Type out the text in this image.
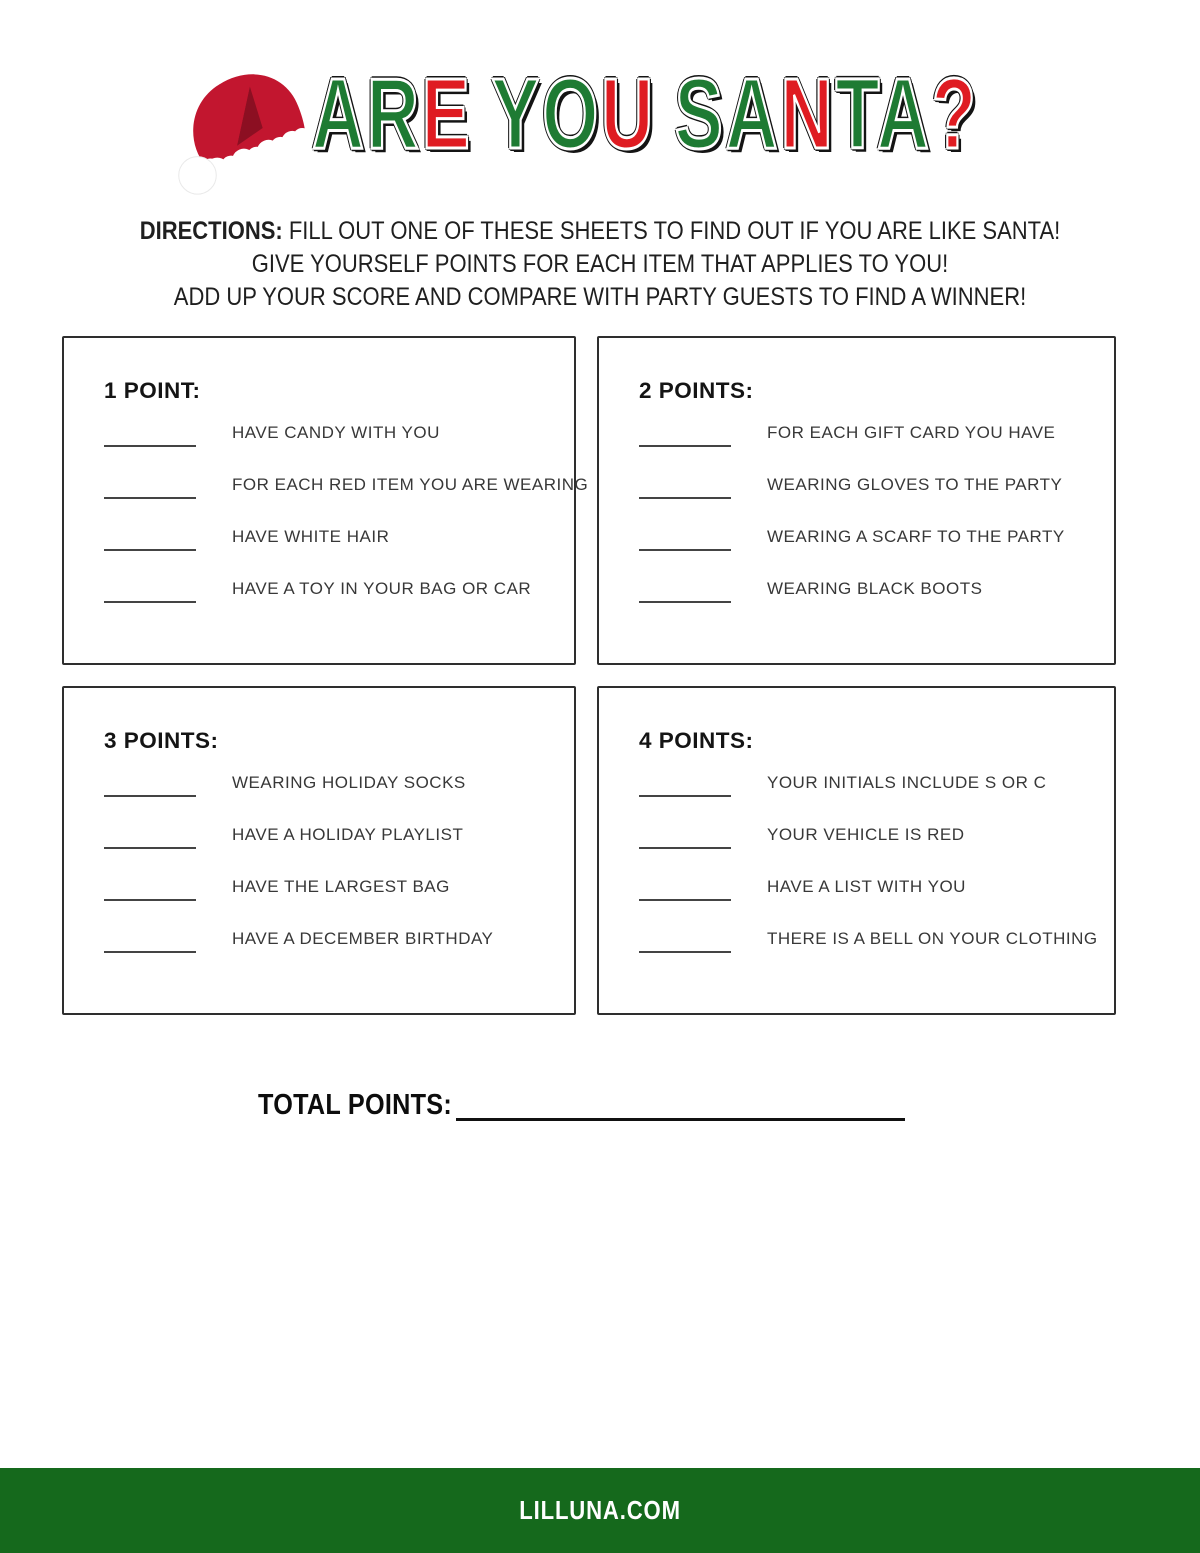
ARE YOU SANTA?
DIRECTIONS: FILL OUT ONE OF THESE SHEETS TO FIND OUT IF YOU ARE LIKE SANTA!
GIVE YOURSELF POINTS FOR EACH ITEM THAT APPLIES TO YOU!
ADD UP YOUR SCORE AND COMPARE WITH PARTY GUESTS TO FIND A WINNER!
1 POINT:
HAVE CANDY WITH YOU
FOR EACH RED ITEM YOU ARE WEARING
HAVE WHITE HAIR
HAVE A TOY IN YOUR BAG OR CAR
2 POINTS:
FOR EACH GIFT CARD YOU HAVE
WEARING GLOVES TO THE PARTY
WEARING A SCARF TO THE PARTY
WEARING BLACK BOOTS
3 POINTS:
WEARING HOLIDAY SOCKS
HAVE A HOLIDAY PLAYLIST
HAVE THE LARGEST BAG
HAVE A DECEMBER BIRTHDAY
4 POINTS:
YOUR INITIALS INCLUDE S OR C
YOUR VEHICLE IS RED
HAVE A LIST WITH YOU
THERE IS A BELL ON YOUR CLOTHING
TOTAL POINTS:
LILLUNA.COM
